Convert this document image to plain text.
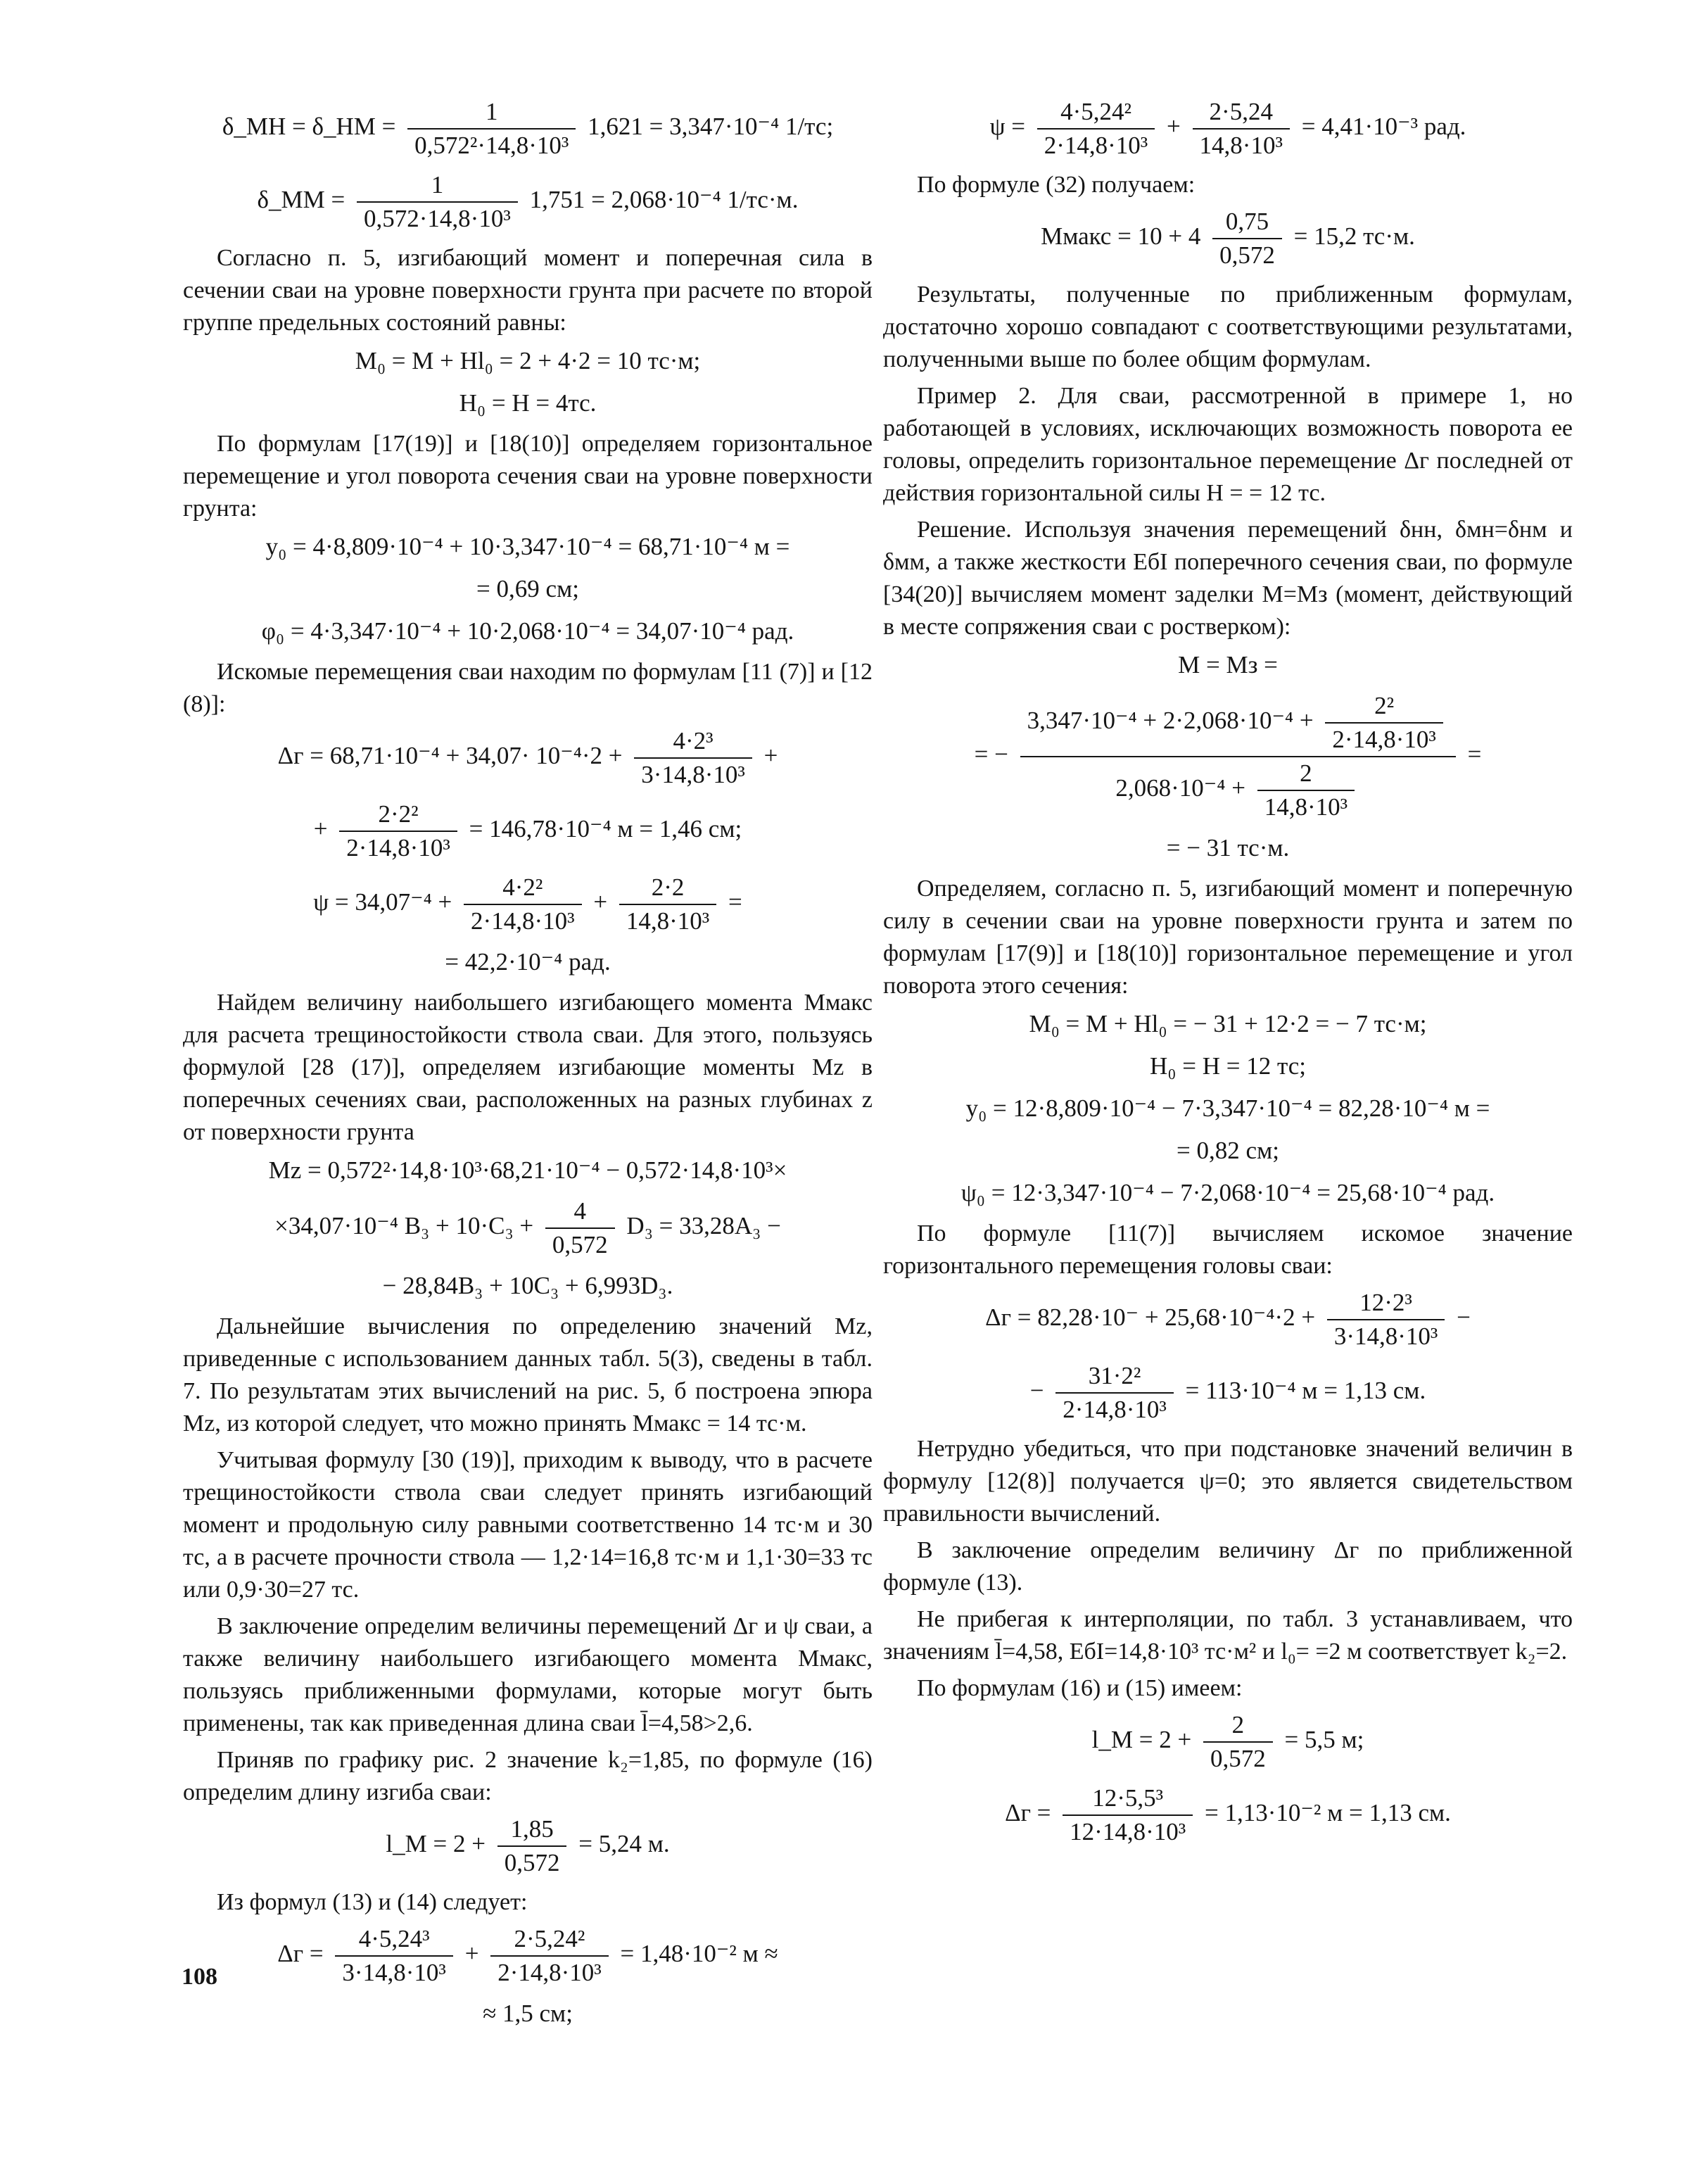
δ_МН = δ_НМ = $\frac{1}{\text{0,572²·14,8·10³}} 1,621 = 3,347\cdot 10^{-4}$ 1/тс;
δ_ММ = $\frac{1}{\text{0,572·14,8·10³}} 1,751 = 2,068\cdot 10^{-4}$ 1/тс·м.

Согласно п. 5, изгибающий момент и поперечная сила в сечении сваи на уровне поверхности грунта при расчете по второй группе предельных состояний равны:

M₀ = M + Hl₀ = 2 + 4·2 = 10 тс·м;
H₀ = H = 4тс.

По формулам [17(19)] и [18(10)] определяем горизонтальное перемещение и угол поворота сечения сваи на уровне поверхности грунта:

y₀ = 4·8,809·10⁻⁴ + 10·3,347·10⁻⁴ = 68,71·10⁻⁴ м =
= 0,69 см;
φ₀ = 4·3,347·10⁻⁴ + 10·2,068·10⁻⁴ = 34,07·10⁻⁴ рад.

Искомые перемещения сваи находим по формулам [11 (7)] и [12 (8)]:

$\Delta г = 68,71\cdot 10^{-4} + 34,07\cdot 10^{-4}\cdot 2 + \frac{\text{4·2³}}{\text{3·14,8·10³}}$ +
+ $\frac{\text{2·2²}}{\text{2·14,8·10³}} = 146,78\cdot 10^{-4}$ м = 1,46 см;
$\psi = 34,07^{-4} + \frac{\text{4·2²}}{\text{2·14,8·10³}} + \frac{2\cdot 2}{\text{14,8·10³}}$ =
= 42,2·10⁻⁴ рад.

Найдем величину наибольшего изгибающего момента Mмакс для расчета трещиностойкости ствола сваи. Для этого, пользуясь формулой [28 (17)], определяем изгибающие моменты Mz в поперечных сечениях сваи, расположенных на разных глубинах z от поверхности грунта

Mz = 0,572²·14,8·10³·68,21·10⁻⁴ − 0,572·14,8·10³×
×34,07·10⁻⁴ $B_3 + 10\cdot C_3 + \frac{4}{0,572} D_3 = 33,28A_3$ −
− 28,84B₃ + 10C₃ + 6,993D₃.

Дальнейшие вычисления по определению значений Mz, приведенные с использованием данных табл. 5(3), сведены в табл. 7. По результатам этих вычислений на рис. 5, б построена эпюра Mz, из которой следует, что можно принять Mмакс = 14 тс·м.

Учитывая формулу [30 (19)], приходим к выводу, что в расчете трещиностойкости ствола сваи следует принять изгибающий момент и продольную силу равными соответственно 14 тс·м и 30 тс, а в расчете прочности ствола — 1,2·14=16,8 тс·м и 1,1·30=33 тс или 0,9·30=27 тс.

В заключение определим величины перемещений Δг и ψ сваи, а также величину наибольшего изгибающего момента Mмакс, пользуясь приближенными формулами, которые могут быть применены, так как приведенная длина сваи l̄=4,58>2,6.

Приняв по графику рис. 2 значение k₂=1,85, по формуле (16) определим длину изгиба сваи:

l_M = $2 + \frac{1,85}{0,572} = 5,24$ м.

Из формул (13) и (14) следует:

$\Delta г = \frac{\text{4·5,24³}}{\text{3·14,8·10³}} + \frac{\text{2·5,24²}}{\text{2·14,8·10³}} = 1,48\cdot 10^{-2}$ м ≈
≈ 1,5 см;
$\psi = \frac{\text{4·5,24²}}{\text{2·14,8·10³}} + \frac{2\cdot 5,24}{\text{14,8·10³}} = 4,41\cdot 10^{-3}$ рад.

По формуле (32) получаем:

Mмакс = $10 + 4 \frac{0,75}{0,572} = 15,2$ тс·м.

Результаты, полученные по приближенным формулам, достаточно хорошо совпадают с соответствующими результатами, полученными выше по более общим формулам.

Пример 2. Для сваи, рассмотренной в примере 1, но работающей в условиях, исключающих возможность поворота ее головы, определить горизонтальное перемещение Δг последней от действия горизонтальной силы H = = 12 тс.

Решение. Используя значения перемещений δнн, δмн=δнм и δмм, а также жесткости EбI поперечного сечения сваи, по формуле [34(20)] вычисляем момент заделки M=Mз (момент, действующий в месте сопряжения сваи с ростверком):

M = Mз =
= − $\frac{3,347\cdot 10^{-4} + 2\cdot 2,068\cdot 10^{-4} + \frac{\text{2²}}{\text{2·14,8·10³}}}{2,068\cdot 10^{-4} + \frac{2}{\text{14,8·10³}}}$ =
= − 31 тс·м.

Определяем, согласно п. 5, изгибающий момент и поперечную силу в сечении сваи на уровне поверхности грунта и затем по формулам [17(9)] и [18(10)] горизонтальное перемещение и угол поворота этого сечения:

M₀ = M + Hl₀ = − 31 + 12·2 = − 7 тс·м;
H₀ = H = 12 тс;
y₀ = 12·8,809·10⁻⁴ − 7·3,347·10⁻⁴ = 82,28·10⁻⁴ м =
= 0,82 см;
ψ₀ = 12·3,347·10⁻⁴ − 7·2,068·10⁻⁴ = 25,68·10⁻⁴ рад.

По формуле [11(7)] вычисляем искомое значение горизонтального перемещения головы сваи:

$\Delta г = 82,28\cdot 10^- + 25,68\cdot 10^{-4}\cdot 2 + \frac{\text{12·2³}}{\text{3·14,8·10³}}$ −
− $\frac{\text{31·2²}}{\text{2·14,8·10³}} = 113\cdot 10^{-4}$ м = 1,13 см.

Нетрудно убедиться, что при подстановке значений величин в формулу [12(8)] получается ψ=0; это является свидетельством правильности вычислений.

В заключение определим величину Δг по приближенной формуле (13).

Не прибегая к интерполяции, по табл. 3 устанавливаем, что значениям l̄=4,58, EбI=14,8·10³ тс·м² и l₀= =2 м соответствует k₂=2.

По формулам (16) и (15) имеем:

l_M = $2 + \frac{2}{0,572} = 5,5$ м;
$\Delta г = \frac{\text{12·5,5³}}{\text{12·14,8·10³}} = 1,13\cdot 10^{-2}$ м = 1,13 см.
108
